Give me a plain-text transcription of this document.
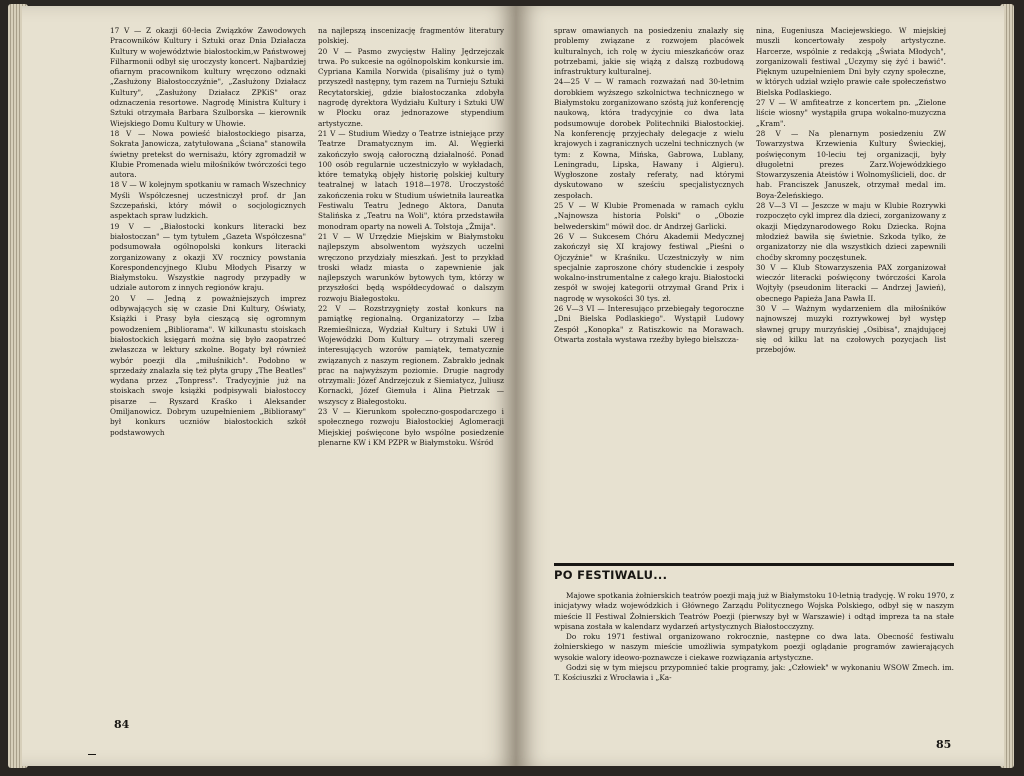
17 V — Z okazji 60-lecia Związków Zawodowych Pracowników Kultury i Sztuki oraz Dnia Działacza Kultury w województwie białostockim,w Państwowej Filharmonii odbył się uroczysty koncert. Najbardziej ofiarnym pracownikom kultury wręczono odznaki „Zasłużony Białostocczyźnie", „Zasłużony Działacz Kultury", „Zasłużony Działacz ZPKiS" oraz odznaczenia resortowe. Nagrodę Ministra Kultury i Sztuki otrzymała Barbara Szulborska — kierownik Wiejskiego Domu Kultury w Uhowie.

18 V — Nowa powieść białostockiego pisarza, Sokrata Janowicza, zatytułowana „Ściana" stanowiła świetny pretekst do wernisażu, który zgromadził w Klubie Promenada wielu miłośników twórczości tego autora.

18 V — W kolejnym spotkaniu w ramach Wszechnicy Myśli Współczesnej uczestniczył prof. dr Jan Szczepański, który mówił o socjologicznych aspektach spraw ludzkich.

19 V — „Białostocki konkurs literacki bez białostoczan" — tym tytułem „Gazeta Współczesna" podsumowała ogólnopolski konkurs literacki zorganizowany z okazji XV rocznicy powstania Korespondencyjnego Klubu Młodych Pisarzy w Białymstoku. Wszystkie nagrody przypadły w udziale autorom z innych regionów kraju.

20 V — Jedną z poważniejszych imprez odbywających się w czasie Dni Kultury, Oświaty, Książki i Prasy była cieszącą się ogromnym powodzeniem „Biblioramа". W kilkunastu stoiskach białostockich księgarń można się było zaopatrzeć zwłaszcza w lekturу szkolne. Bogaty był również wybór poezji dla „miłuśnikich". Podobno w sprzedaży znalazła się też płyta grupy „The Beatles" wydana przez „Tonpress". Tradycyjnie już na stoiskach swoje książki podpisywali białostoccy pisarze — Ryszard Kraśko i Aleksander Omiljanowicz. Dobrym uzupełnieniem „Bibliorамy" był konkurs uczniów białostockich szkół podstawowych

na najlepszą inscenizację fragmentów literatury polskiej.

20 V — Pasmo zwycięstw Haliny Jędrzejczak trwa. Po sukcesie na ogólnopolskim konkursie im. Cypriana Kamila Norwida (pisaliśmy już o tym) przyszedł następny, tym razem na Turnieju Sztuki Recytatorskiej, gdzie białostoczanka zdobyła nagrodę dyrektora Wydziału Kultury i Sztuki UW w Płocku oraz jednorazowe stypendium artystyczne.

21 V — Studium Wiedzy o Teatrze istniejące przy Teatrze Dramatycznym im. Al. Węgierki zakończyło swoją całoroczną działalność. Ponad 100 osób regularnie uczestniczyło w wykładach, które tematyką objęły historię polskiej kultury teatralnej w latach 1918—1978. Uroczystość zakończenia roku w Studium uświetniła laureatka Festiwalu Teatru Jednego Aktora, Danuta Stalińska z „Teatru na Woli", która przedstawiła monodram oparty na noweli A. Tołstoja „Żmija".

21 V — W Urzędzie Miejskim w Białymstoku najlepszym absolwentom wyższych uczelni wręczono przydziały mieszkań. Jest to przykład troski władz miasta o zapewnienie jak najlepszych warunków bytowych tym, którzy w przyszłości będą współdecydować o dalszym rozwoju Białegostoku.

22 V — Rozstrzygnięty został konkurs na pamiątkę regionalną. Organizatorzy — Izba Rzemieślnicza, Wydział Kultury i Sztuki UW i Wojewódzki Dom Kultury — otrzymali szereg interesujących wzorów pamiątek, tematycznie związanych z naszym regionem. Zabrakło jednak prac na najwyższym poziomie. Drugie nagrody otrzymali: Józef Andrzejczuk z Siemiatycz, Juliusz Kornacki, Józef Giemuła i Alina Pietrzak — wszyscy z Białegostoku.

23 V — Kierunkom społeczno-gospodarczego i społecznego rozwoju Białostockiej Aglomeracji Miejskiej poświęcone było wspólne posiedzenie plenarne KW i KM PZPR w Białymstoku. Wśród

84

spraw omawianych na posiedzeniu znalazły się problemy związane z rozwojem placówek kulturalnych, ich rolę w życiu mieszkańców oraz potrzebami, jakie się wiążą z dalszą rozbudową infrastruktury kulturalnej.

24—25 V — W ramach rozważań nad 30-letnim dorobkiem wyższego szkolnictwa technicznego w Białymstoku zorganizowano szóstą już konferencję naukową, która tradycyjnie co dwa lata podsumowuje dorobek Politechniki Białostockiej. Na konferencję przyjechały delegacje z wielu krajowych i zagranicznych uczelni technicznych (w tym: z Kowna, Mińska, Gabrowa, Lublany, Leningradu, Lipska, Hawany i Algieru). Wygłoszone zostały referaty, nad którymi dyskutowano w sześciu specjalistycznych zespołach.

25 V — W Klubie Promenada w ramach cyklu „Najnowsza historia Polski" o „Obozie belwederskim" mówił doc. dr Andrzej Garlicki.

26 V — Sukcesem Chóru Akademii Medycznej zakończył się XI krajowy festiwal „Pieśni o Ojczyźnie" w Kraśniku. Uczestniczyły w nim specjalnie zaproszone chóry studenckie i zespoły wokalno-instrumentalne z całego kraju. Białostocki zespół w swojej kategorii otrzymał Grand Prix i nagrodę w wysokości 30 tys. zł.

26 V—3 VI — Interesująco przebiegały tegoroczne „Dni Bielska Podlaskiego". Wystąpił Ludowy Zespół „Konopka" z Ratiszkowic na Morawach. Otwarta została wystawa rzeźby byłego bielszczа-

nina, Eugeniusza Maciejewskiego. W miejskiej muszli koncertowały zespoły artystyczne. Harcerze, wspólnie z redakcją „Świata Młodych", zorganizowali festiwal „Uczymy się żyć i bawić". Pięknym uzupełnieniem Dni były czyny społeczne, w których udział wzięło prawie całe społeczeństwo Bielska Podlaskiego.

27 V — W amfiteatrze z koncertem pn. „Zielone liście wiosny" wystąpiła grupa wokalno-muzyczna „Kram".

28 V — Na plenarnym posiedzeniu ZW Towarzystwa Krzewienia Kultury Świeckiej, poświęconym 10-leciu tej organizacji, były długoletni prezes Zarz.Wojewódzkiego Stowarzyszenia Ateistów i Wolnomyślicieli, doc. dr hab. Franciszek Januszek, otrzymał medal im. Boya-Żeleńskiego.

28 V—3 VI — Jeszcze w maju w Klubie Rozrywki rozpoczęto cykl imprez dla dzieci, zorganizowany z okazji Międzynarodowego Roku Dziecka. Rojna młodzież bawiła się świetnie. Szkoda tylko, że organizatorzy nie dla wszystkich dzieci zapewnili choćby skromny poczęstunek.

30 V — Klub Stowarzyszenia PAX zorganizował wieczór literacki poświęcony twórczości Karola Wojtyły (pseudonim literacki — Andrzej Jawień), obecnego Papieża Jana Pawła II.

30 V — Ważnym wydarzeniem dla miłośników najnowszej muzyki rozrywkowej był występ sławnej grupy murzyńskiej „Osibisa", znajdującej się od kilku lat na czołowych pozycjach list przebojów.

PO FESTIWALU...

Majowe spotkania żołnierskich teatrów poezji mają już w Białymstoku 10-letnią tradycję. W roku 1970, z inicjatywy władz wojewódzkich i Głównego Zarządu Politycznego Wojska Polskiego, odbył się w naszym mieście II Festiwal Żołnierskich Teatrów Poezji (pierwszy był w Warszawie) i odtąd impreza ta na stałe wpisana została w kalendarz wydarzeń artystycznych Białostocczyzny.

Do roku 1971 festiwal organizowano rokrocznie, następne co dwa lata. Obecność festiwalu żołnierskiego w naszym mieście umożliwia sympatykom poezji oglądanie programów zawierających wysokie walory ideowo-poznawcze i ciekawe rozwiązania artystyczne.

Godzi się w tym miejscu przypomnieć takie programy, jak: „Człowiek" w wykonaniu WSOW Zmech. im. T. Kościuszki z Wrocławia i „Ka-

85
